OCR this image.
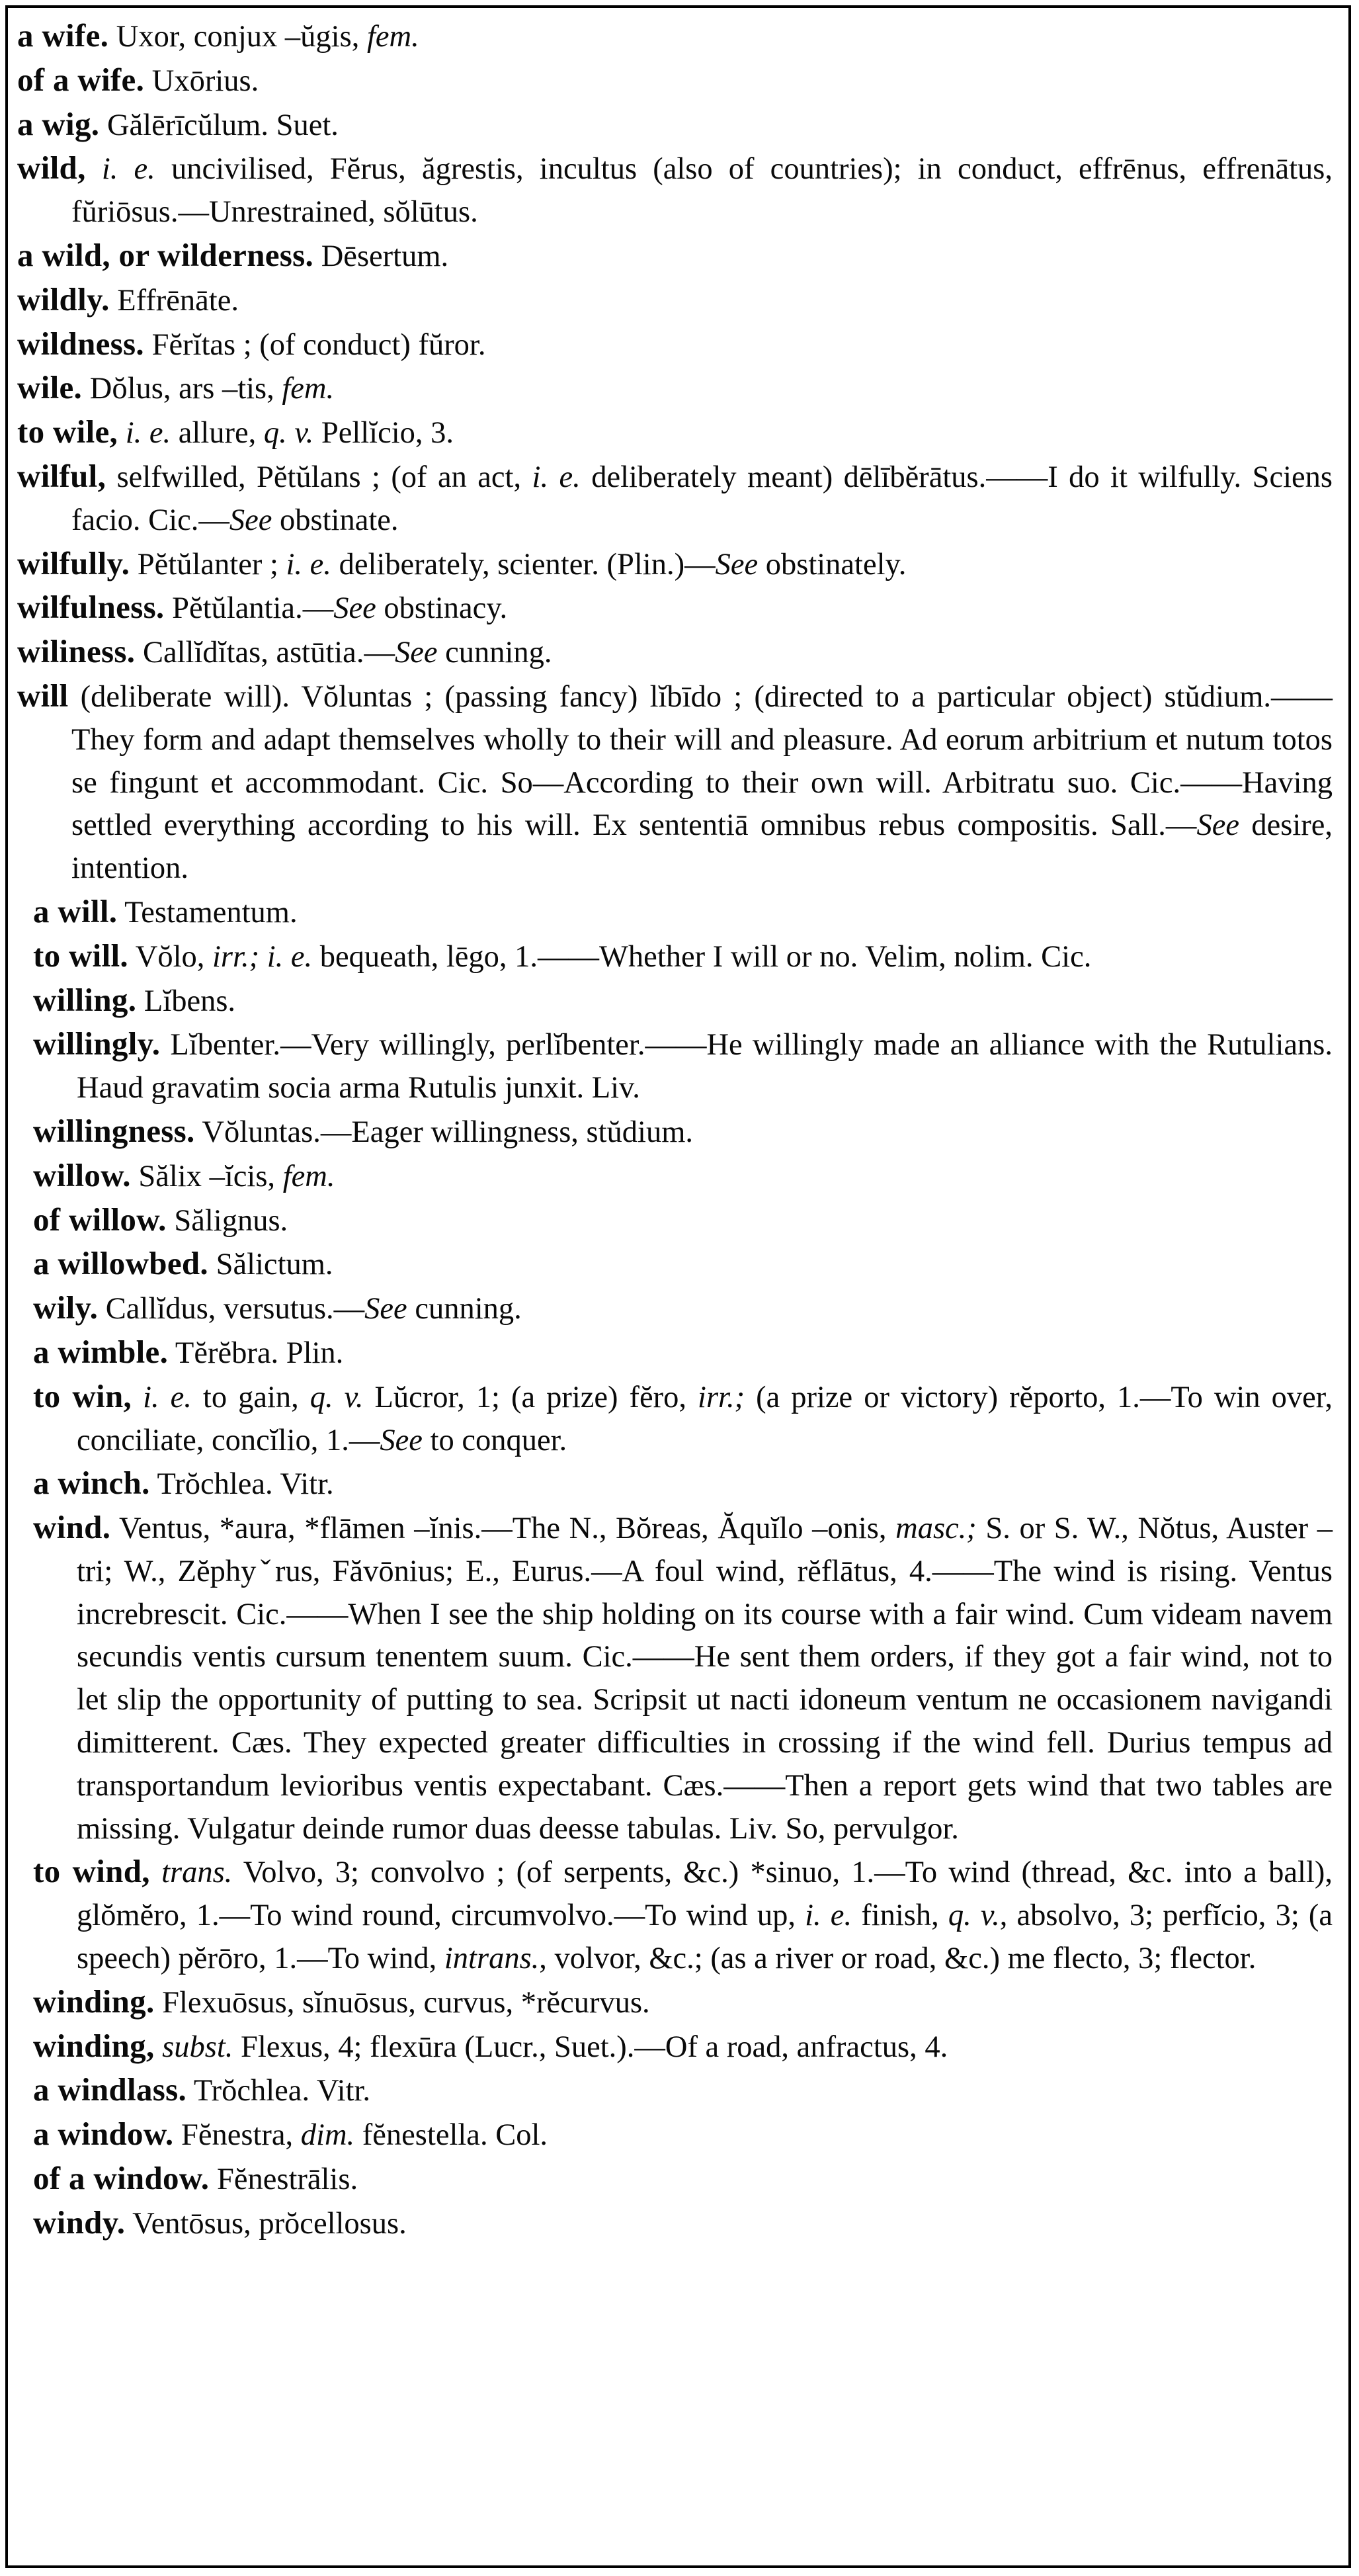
a wife. Uxor, conjux –ŭgis, fem.

of a wife. Uxōrius.

a wig. Gălērīcŭlum. Suet.

wild, i. e. uncivilised, Fĕrus, ăgrestis, incultus (also of countries); in conduct, effrēnus, effrenātus, fŭriōsus.—Unrestrained, sŏlūtus.

a wild, or wilderness. Dēsertum.

wildly. Effrēnāte.

wildness. Fĕrĭtas ; (of conduct) fŭror.

wile. Dŏlus, ars –tis, fem.

to wile, i. e. allure, q. v. Pellĭcio, 3.

wilful, selfwilled, Pĕtŭlans ; (of an act, i. e. deliberately meant) dēlībĕrātus.——I do it wilfully. Sciens facio. Cic.—See obstinate.

wilfully. Pĕtŭlanter ; i. e. deliberately, scienter. (Plin.)—See obstinately.

wilfulness. Pĕtŭlantia.—See obstinacy.

wiliness. Callĭdĭtas, astūtia.—See cunning.

will (deliberate will). Vŏluntas ; (passing fancy) lĭbīdo ; (directed to a particular object) stŭdium.——They form and adapt themselves wholly to their will and pleasure. Ad eorum arbitrium et nutum totos se fingunt et accommodant. Cic. So—According to their own will. Arbitratu suo. Cic.——Having settled everything according to his will. Ex sententiā omnibus rebus compositis. Sall.—See desire, intention.

a will. Testamentum.

to will. Vŏlo, irr.; i. e. bequeath, lēgo, 1.——Whether I will or no. Velim, nolim. Cic.

willing. Lĭbens.

willingly. Lĭbenter.—Very willingly, perlĭbenter.——He willingly made an alliance with the Rutulians. Haud gravatim socia arma Rutulis junxit. Liv.

willingness. Vŏluntas.—Eager willingness, stŭdium.

willow. Sălix –ĭcis, fem.

of willow. Sălignus.

a willowbed. Sălictum.

wily. Callĭdus, versutus.—See cunning.

a wimble. Tĕrĕbra. Plin.

to win, i. e. to gain, q. v. Lŭcror, 1; (a prize) fĕro, irr.; (a prize or victory) rĕporto, 1.—To win over, conciliate, concĭlio, 1.—See to conquer.

a winch. Trŏchlea. Vitr.

wind. Ventus, *aura, *flāmen –ĭnis.—The N., Bŏreas, Ăquĭlo –onis, masc.; S. or S. W., Nŏtus, Auster –tri; W., Zĕphyˇrus, Făvōnius; E., Eurus.—A foul wind, rĕflātus, 4.——The wind is rising. Ventus increbrescit. Cic.——When I see the ship holding on its course with a fair wind. Cum videam navem secundis ventis cursum tenentem suum. Cic.——He sent them orders, if they got a fair wind, not to let slip the opportunity of putting to sea. Scripsit ut nacti idoneum ventum ne occasionem navigandi dimitterent. Cæs. They expected greater difficulties in crossing if the wind fell. Durius tempus ad transportandum levioribus ventis expectabant. Cæs.——Then a report gets wind that two tables are missing. Vulgatur deinde rumor duas deesse tabulas. Liv. So, pervulgor.

to wind, trans. Volvo, 3; convolvo ; (of serpents, &c.) *sinuo, 1.—To wind (thread, &c. into a ball), glŏmĕro, 1.—To wind round, circumvolvo.—To wind up, i. e. finish, q. v., absolvo, 3; perfĭcio, 3; (a speech) pĕrōro, 1.—To wind, intrans., volvor, &c.; (as a river or road, &c.) me flecto, 3; flector.

winding. Flexuōsus, sĭnuōsus, curvus, *rĕcurvus.

winding, subst. Flexus, 4; flexūra (Lucr., Suet.).—Of a road, anfractus, 4.

a windlass. Trŏchlea. Vitr.

a window. Fĕnestra, dim. fĕnestella. Col.

of a window. Fĕnestrālis.

windy. Ventōsus, prŏcellosus.
